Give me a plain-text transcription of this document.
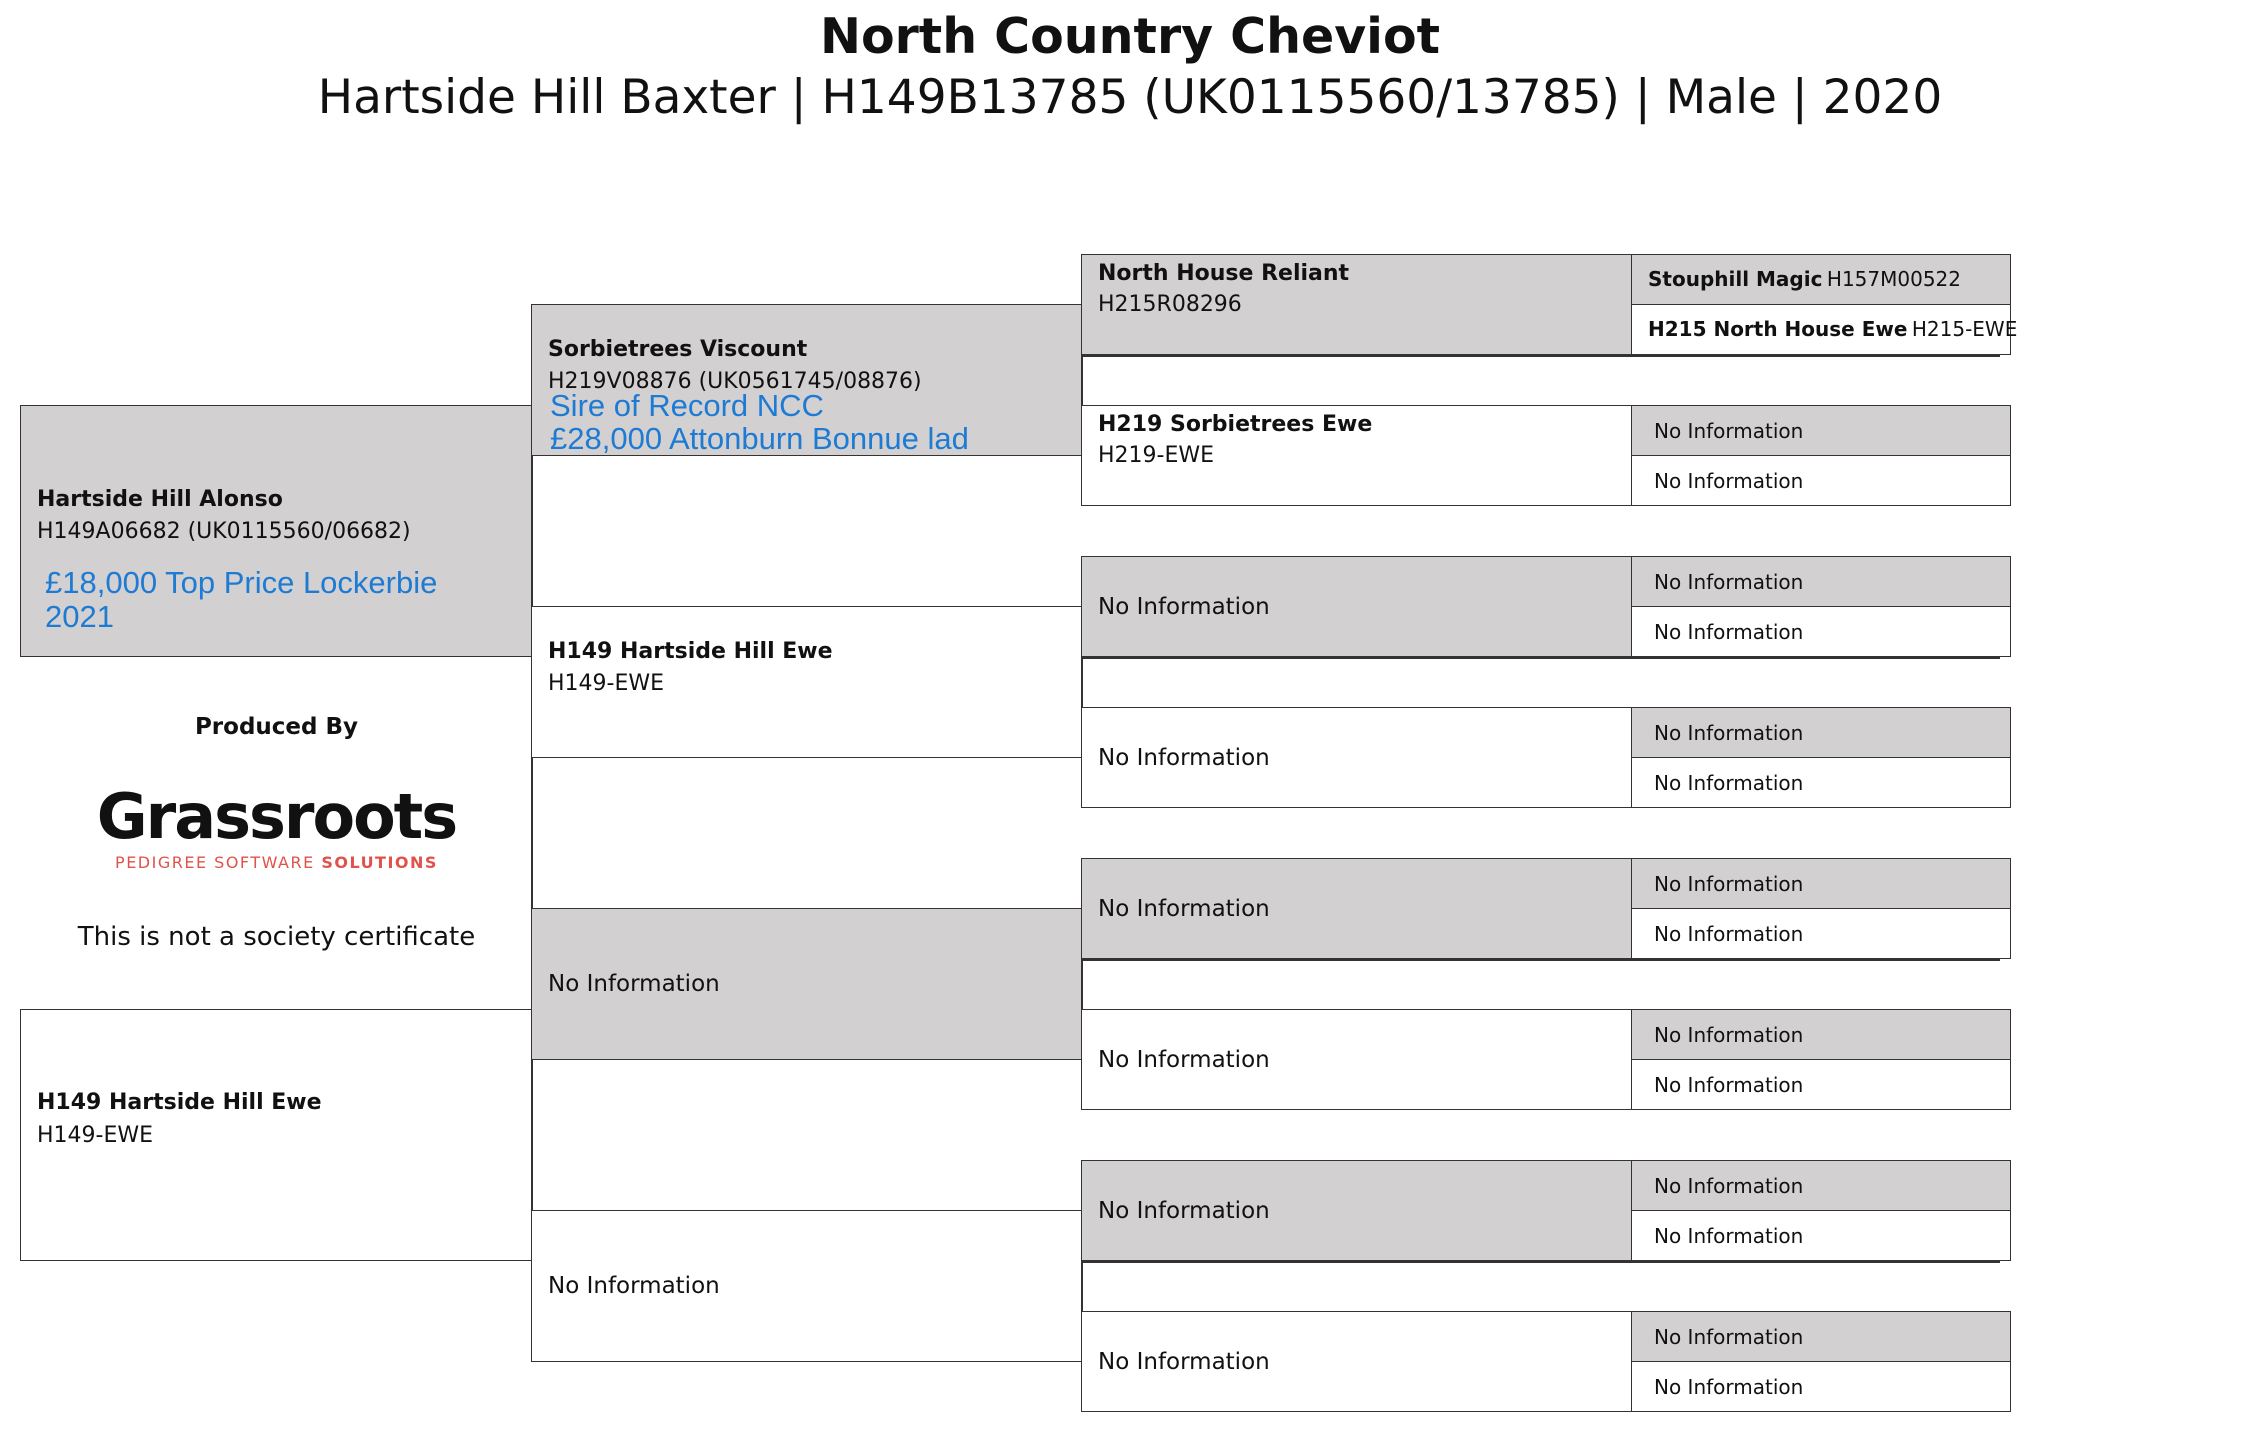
North Country Cheviot
Hartside Hill Baxter | H149B13785 (UK0115560/13785) | Male | 2020
Hartside Hill Alonso
H149A06682 (UK0115560/06682)
£18,000 Top Price Lockerbie
2021
H149 Hartside Hill Ewe
H149-EWE
Produced By
Grassroots
PEDIGREE SOFTWARE SOLUTIONS
This is not a society certificate
Sorbietrees Viscount
H219V08876 (UK0561745/08876)
Sire of Record NCC
£28,000 Attonburn Bonnue lad
H149 Hartside Hill Ewe
H149-EWE
No Information
No Information
North House Reliant
H215R08296
H219 Sorbietrees Ewe
H219-EWE
No Information
No Information
No Information
No Information
No Information
No Information
Stouphill Magic H157M00522
H215 North House Ewe H215-EWE
No Information
No Information
No Information
No Information
No Information
No Information
No Information
No Information
No Information
No Information
No Information
No Information
No Information
No Information
